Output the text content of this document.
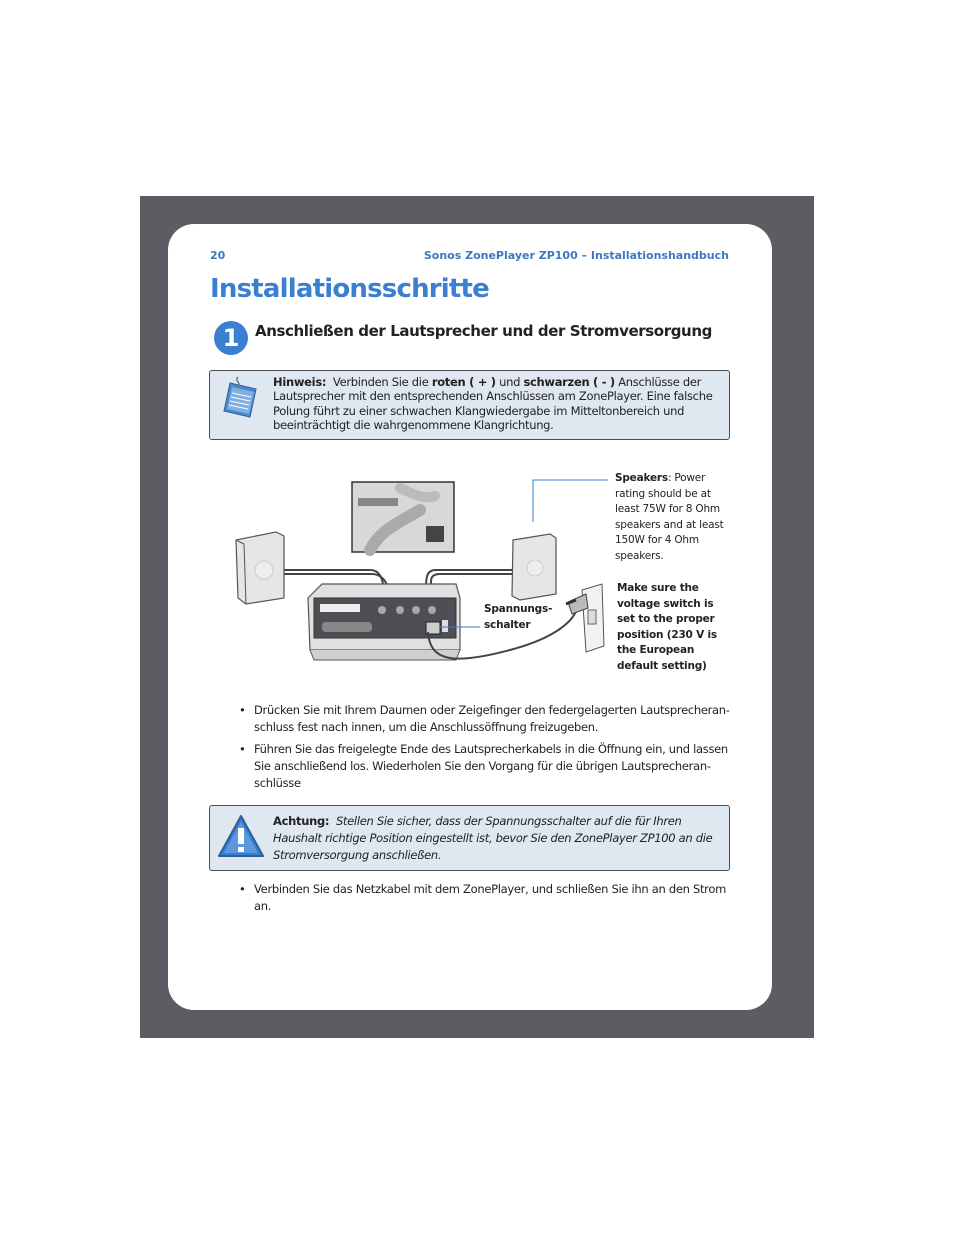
20	Sonos ZonePlayer ZP100 – Installationshandbuch
Installationsschritte
1	Anschließen der Lautsprecher und der Stromversorgung
Hinweis: Verbinden Sie die roten ( + ) und schwarzen ( - ) Anschlüsse der Lautsprecher mit den entsprechenden Anschlüssen am ZonePlayer. Eine falsche Polung führt zu einer schwachen Klangwiedergabe im Mitteltonbereich und beeinträchtigt die wahrgenommene Klangrichtung.
Speakers: Power rating should be at least 75W for 8 Ohm speakers and at least 150W for 4 Ohm speakers.
Spannungs-schalter
Make sure the voltage switch is set to the proper position (230 V is the European default setting)
• Drücken Sie mit Ihrem Daumen oder Zeigefinger den federgelagerten Lautsprecheran-schluss fest nach innen, um die Anschlussöffnung freizugeben.
• Führen Sie das freigelegte Ende des Lautsprecherkabels in die Öffnung ein, und lassen Sie anschließend los. Wiederholen Sie den Vorgang für die übrigen Lautsprecheran-schlüsse
Achtung: Stellen Sie sicher, dass der Spannungsschalter auf die für Ihren Haushalt richtige Position eingestellt ist, bevor Sie den ZonePlayer ZP100 an die Stromversorgung anschließen.
• Verbinden Sie das Netzkabel mit dem ZonePlayer, und schließen Sie ihn an den Strom an.
